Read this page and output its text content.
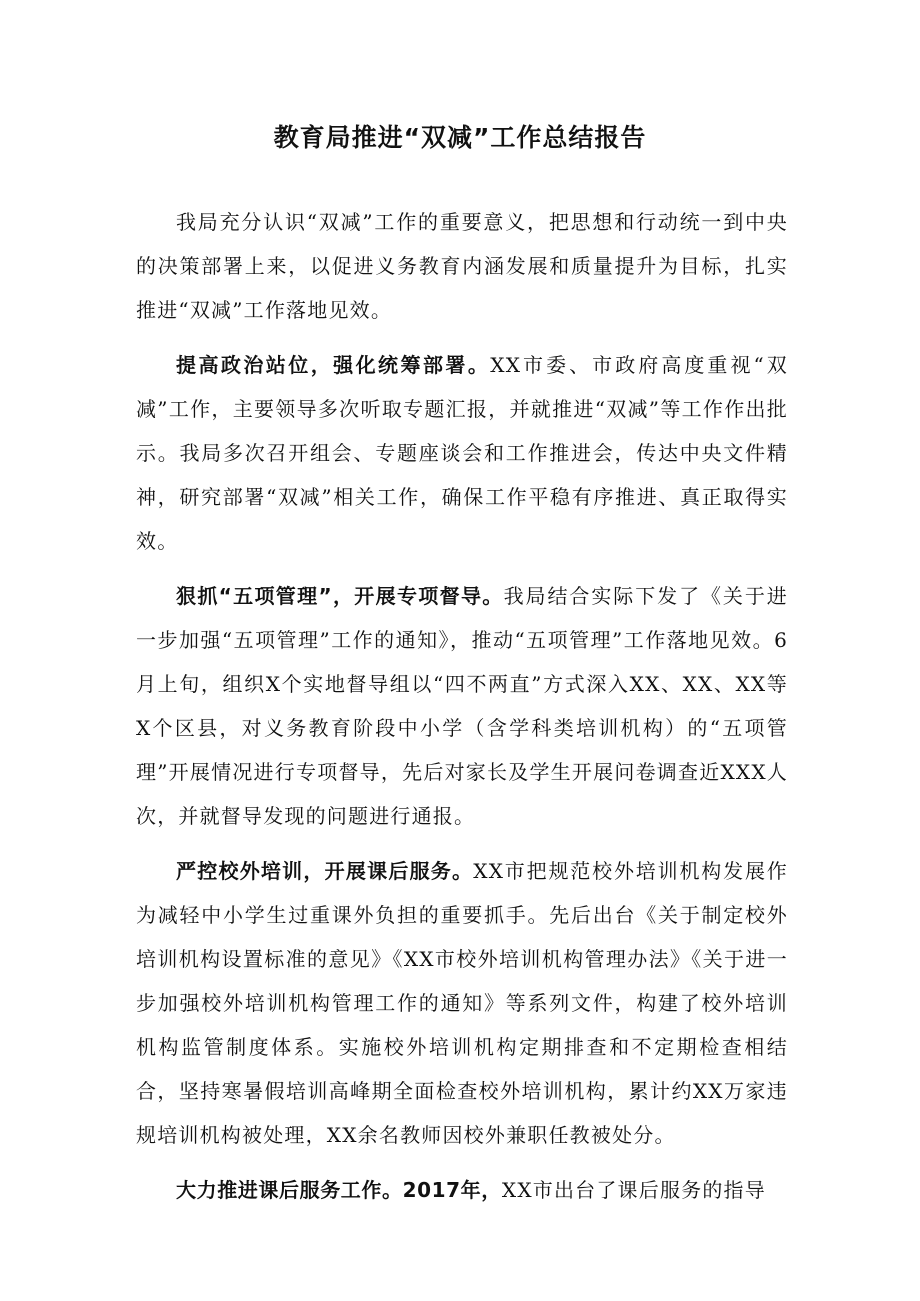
教育局推进“双减”工作总结报告

我局充分认识“双减”工作的重要意义，把思想和行动统一到中央的决策部署上来，以促进义务教育内涵发展和质量提升为目标，扎实推进“双减”工作落地见效。

提高政治站位，强化统筹部署。XX市委、市政府高度重视“双减”工作，主要领导多次听取专题汇报，并就推进“双减”等工作作出批示。我局多次召开组会、专题座谈会和工作推进会，传达中央文件精神，研究部署“双减”相关工作，确保工作平稳有序推进、真正取得实效。

狠抓“五项管理”，开展专项督导。我局结合实际下发了《关于进一步加强“五项管理”工作的通知》，推动“五项管理”工作落地见效。6月上旬，组织X个实地督导组以“四不两直”方式深入XX、XX、XX等X个区县，对义务教育阶段中小学（含学科类培训机构）的“五项管理”开展情况进行专项督导，先后对家长及学生开展问卷调查近XXX人次，并就督导发现的问题进行通报。

严控校外培训，开展课后服务。XX市把规范校外培训机构发展作为减轻中小学生过重课外负担的重要抓手。先后出台《关于制定校外培训机构设置标准的意见》《XX市校外培训机构管理办法》《关于进一步加强校外培训机构管理工作的通知》等系列文件，构建了校外培训机构监管制度体系。实施校外培训机构定期排查和不定期检查相结合，坚持寒暑假培训高峰期全面检查校外培训机构，累计约XX万家违规培训机构被处理，XX余名教师因校外兼职任教被处分。

大力推进课后服务工作。2017年，XX市出台了课后服务的指导
